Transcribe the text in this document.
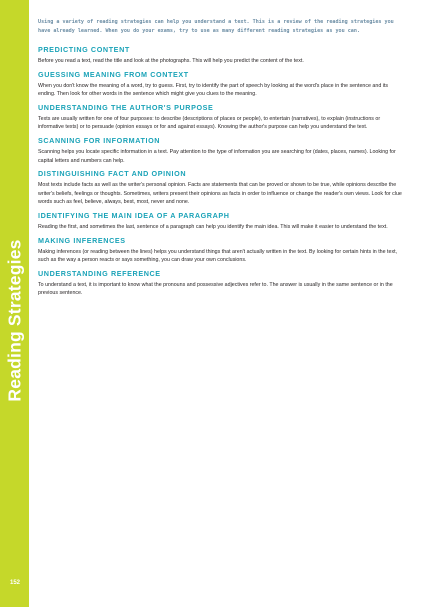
Reading Strategies
152

Using a variety of reading strategies can help you understand a text. This is a review of the reading strategies you have already learned. When you do your exams, try to use as many different reading strategies as you can.

PREDICTING CONTENT

Before you read a text, read the title and look at the photographs. This will help you predict the content of the text.

GUESSING MEANING FROM CONTEXT

When you don't know the meaning of a word, try to guess. First, try to identify the part of speech by looking at the word's place in the sentence and its ending. Then look for other words in the sentence which might give you clues to the meaning.

UNDERSTANDING THE AUTHOR'S PURPOSE

Texts are usually written for one of four purposes: to describe (descriptions of places or people), to entertain (narratives), to explain (instructions or informative texts) or to persuade (opinion essays or for and against essays). Knowing the author's purpose can help you understand the text.

SCANNING FOR INFORMATION

Scanning helps you locate specific information in a text. Pay attention to the type of information you are searching for (dates, places, names). Looking for capital letters and numbers can help.

DISTINGUISHING FACT AND OPINION

Most texts include facts as well as the writer's personal opinion. Facts are statements that can be proved or shown to be true, while opinions describe the writer's beliefs, feelings or thoughts. Sometimes, writers present their opinions as facts in order to influence or change the reader's own views. Look for clue words such as feel, believe, always, best, most, never and none.

IDENTIFYING THE MAIN IDEA OF A PARAGRAPH

Reading the first, and sometimes the last, sentence of a paragraph can help you identify the main idea. This will make it easier to understand the text.

MAKING INFERENCES

Making inferences (or reading between the lines) helps you understand things that aren't actually written in the text. By looking for certain hints in the text, such as the way a person reacts or says something, you can draw your own conclusions.

UNDERSTANDING REFERENCE

To understand a text, it is important to know what the pronouns and possessive adjectives refer to. The answer is usually in the same sentence or in the previous sentence.
